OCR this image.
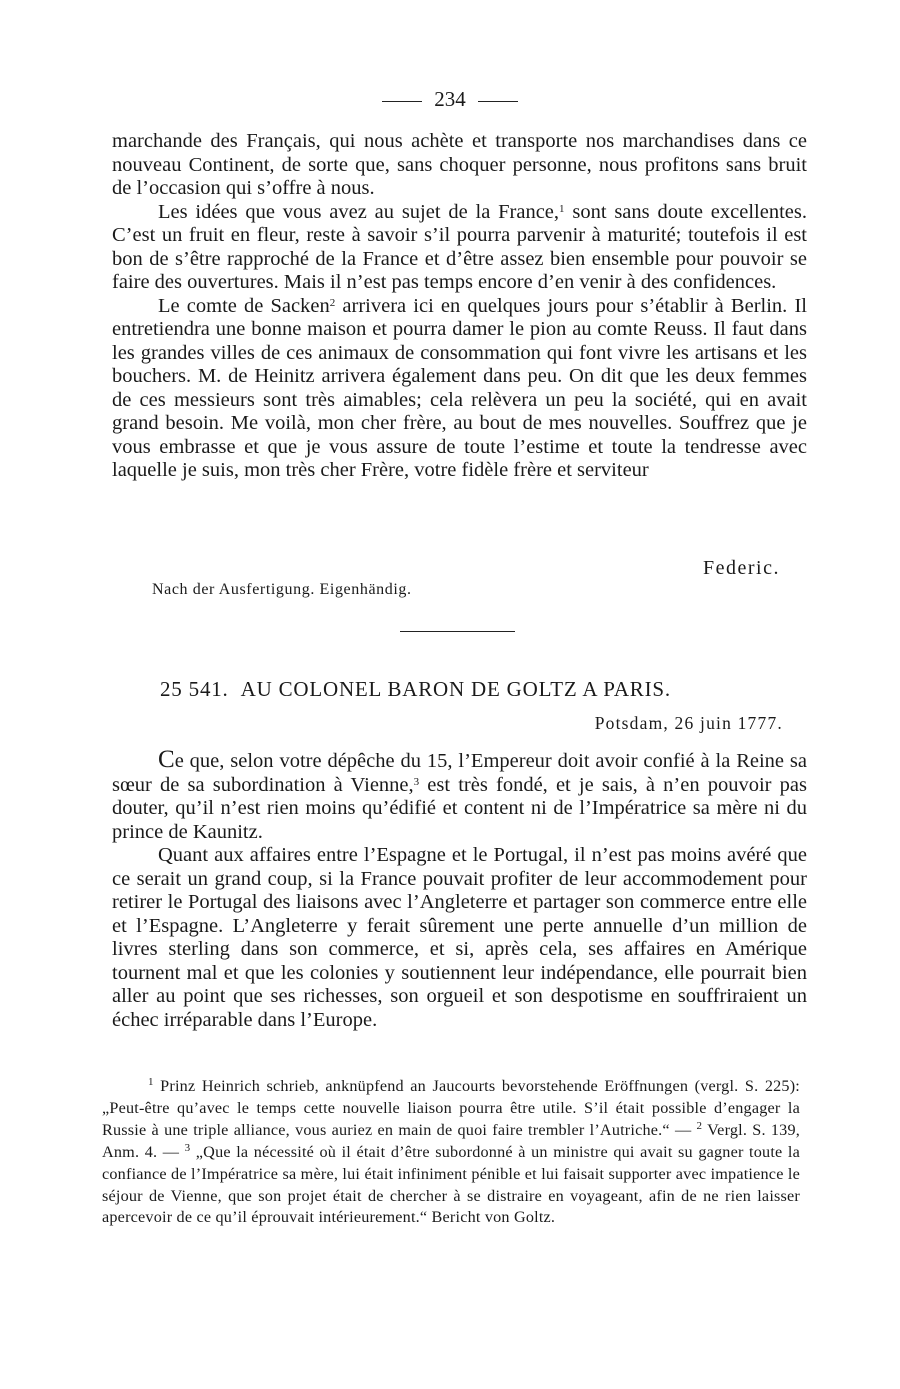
234

marchande des Français, qui nous achète et transporte nos marchandises dans ce nouveau Continent, de sorte que, sans choquer personne, nous profitons sans bruit de l’occasion qui s’offre à nous.

Les idées que vous avez au sujet de la France,$^1$ sont sans doute excellentes. C’est un fruit en fleur, reste à savoir s’il pourra parvenir à maturité; toutefois il est bon de s’être rapproché de la France et d’être assez bien ensemble pour pouvoir se faire des ouvertures. Mais il n’est pas temps encore d’en venir à des confidences.

Le comte de Sacken$^2$ arrivera ici en quelques jours pour s’établir à Berlin. Il entretiendra une bonne maison et pourra damer le pion au comte Reuss. Il faut dans les grandes villes de ces animaux de consommation qui font vivre les artisans et les bouchers. M. de Heinitz arrivera également dans peu. On dit que les deux femmes de ces messieurs sont très aimables; cela relèvera un peu la société, qui en avait grand besoin. Me voilà, mon cher frère, au bout de mes nouvelles. Souffrez que je vous embrasse et que je vous assure de toute l’estime et toute la tendresse avec laquelle je suis, mon très cher Frère, votre fidèle frère et serviteur

Federic.
Nach der Ausfertigung. Eigenhändig.
25 541. AU COLONEL BARON DE GOLTZ A PARIS.
Potsdam, 26 juin 1777.

Ce que, selon votre dépêche du 15, l’Empereur doit avoir confié à la Reine sa sœur de sa subordination à Vienne,$^3$ est très fondé, et je sais, à n’en pouvoir pas douter, qu’il n’est rien moins qu’édifié et content ni de l’Impératrice sa mère ni du prince de Kaunitz.

Quant aux affaires entre l’Espagne et le Portugal, il n’est pas moins avéré que ce serait un grand coup, si la France pouvait profiter de leur accommodement pour retirer le Portugal des liaisons avec l’Angleterre et partager son commerce entre elle et l’Espagne. L’Angleterre y ferait sûrement une perte annuelle d’un million de livres sterling dans son commerce, et si, après cela, ses affaires en Amérique tournent mal et que les colonies y soutiennent leur indépendance, elle pourrait bien aller au point que ses richesses, son orgueil et son despotisme en souffriraient un échec irréparable dans l’Europe.

$^1$ Prinz Heinrich schrieb, anknüpfend an Jaucourts bevorstehende Eröffnungen (vergl. S. 225): „Peut-être qu’avec le temps cette nouvelle liaison pourra être utile. S’il était possible d’engager la Russie à une triple alliance, vous auriez en main de quoi faire trembler l’Autriche.“ — $^2$ Vergl. S. 139, Anm. 4. — $^3$ „Que la nécessité où il était d’être subordonné à un ministre qui avait su gagner toute la confiance de l’Impératrice sa mère, lui était infiniment pénible et lui faisait supporter avec impatience le séjour de Vienne, que son projet était de chercher à se distraire en voyageant, afin de ne rien laisser apercevoir de ce qu’il éprouvait intérieurement.“ Bericht von Goltz.
